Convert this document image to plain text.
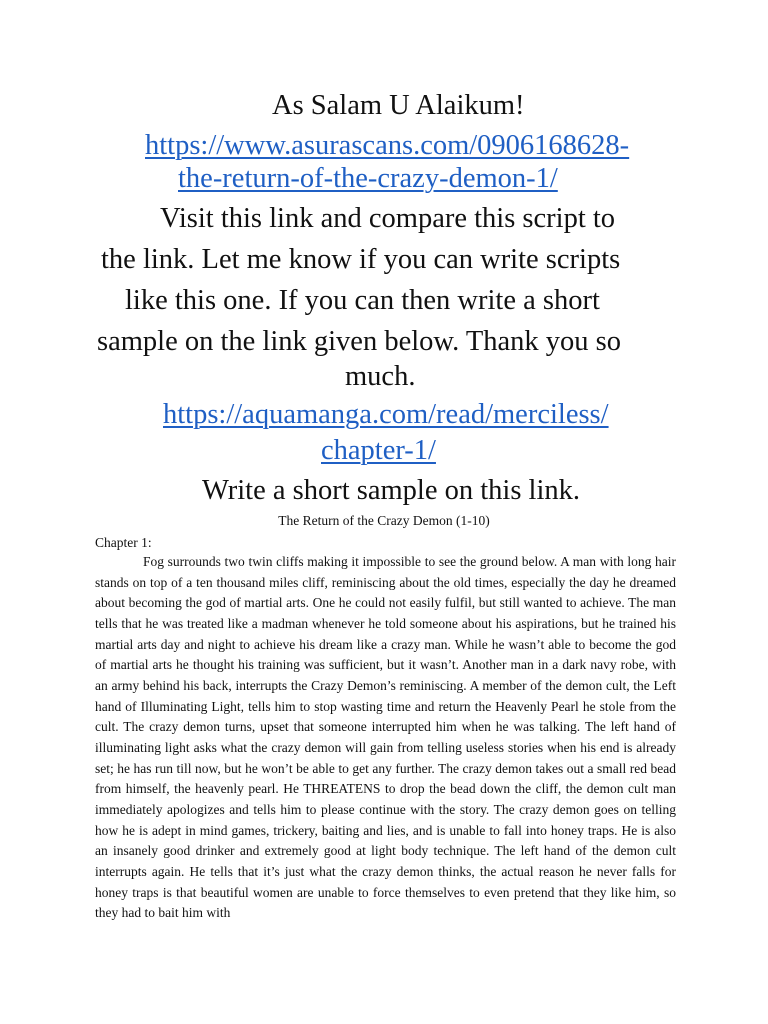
As Salam U Alaikum!

https://www.asurascans.com/0906168628-

the-return-of-the-crazy-demon-1/

Visit this link and compare this script to

the link. Let me know if you can write scripts

like this one. If you can then write a short

sample on the link given below. Thank you so

much.

https://aquamanga.com/read/merciless/

chapter-1/

Write a short sample on this link.

The Return of the Crazy Demon (1-10)

Chapter 1:

Fog surrounds two twin cliffs making it impossible to see the ground below. A man with long hair stands on top of a ten thousand miles cliff, reminiscing about the old times, especially the day he dreamed about becoming the god of martial arts. One he could not easily fulfil, but still wanted to achieve. The man tells that he was treated like a madman whenever he told someone about his aspirations, but he trained his martial arts day and night to achieve his dream like a crazy man. While he wasn’t able to become the god of martial arts he thought his training was sufficient, but it wasn’t. Another man in a dark navy robe, with an army behind his back, interrupts the Crazy Demon’s reminiscing. A member of the demon cult, the Left hand of Illuminating Light, tells him to stop wasting time and return the Heavenly Pearl he stole from the cult. The crazy demon turns, upset that someone interrupted him when he was talking. The left hand of illuminating light asks what the crazy demon will gain from telling useless stories when his end is already set; he has run till now, but he won’t be able to get any further. The crazy demon takes out a small red bead from himself, the heavenly pearl. He THREATENS to drop the bead down the cliff, the demon cult man immediately apologizes and tells him to please continue with the story. The crazy demon goes on telling how he is adept in mind games, trickery, baiting and lies, and is unable to fall into honey traps. He is also an insanely good drinker and extremely good at light body technique. The left hand of the demon cult interrupts again. He tells that it’s just what the crazy demon thinks, the actual reason he never falls for honey traps is that beautiful women are unable to force themselves to even pretend that they like him, so they had to bait him with
